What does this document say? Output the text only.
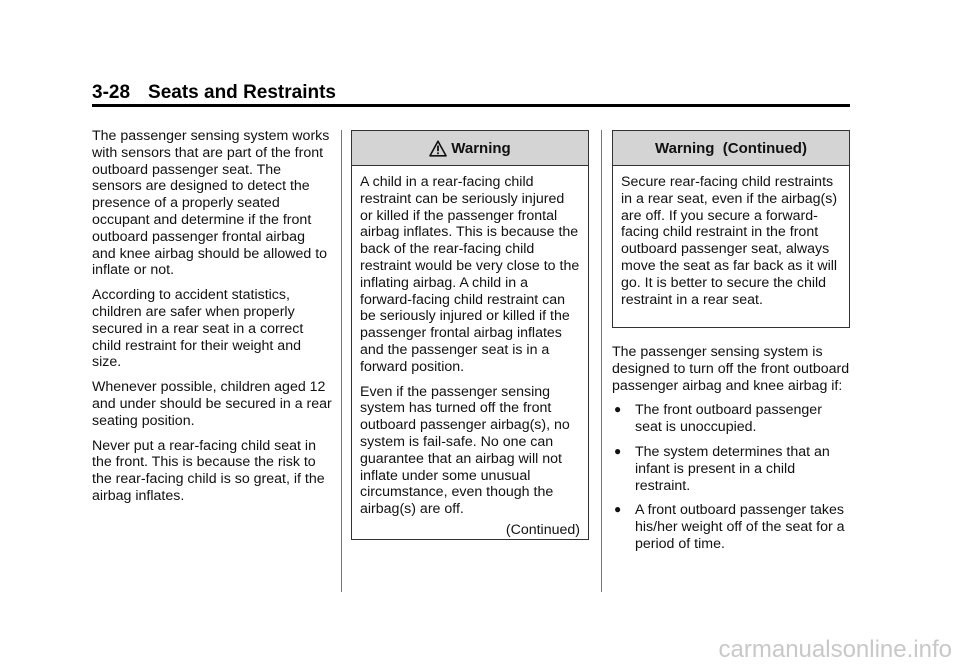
3-28 Seats and Restraints

The passenger sensing system works with sensors that are part of the front outboard passenger seat. The sensors are designed to detect the presence of a properly seated occupant and determine if the front outboard passenger frontal airbag and knee airbag should be allowed to inflate or not.

According to accident statistics, children are safer when properly secured in a rear seat in a correct child restraint for their weight and size.

Whenever possible, children aged 12 and under should be secured in a rear seating position.

Never put a rear-facing child seat in the front. This is because the risk to the rear-facing child is so great, if the airbag inflates.

Warning

A child in a rear-facing child restraint can be seriously injured or killed if the passenger frontal airbag inflates. This is because the back of the rear-facing child restraint would be very close to the inflating airbag. A child in a forward-facing child restraint can be seriously injured or killed if the passenger frontal airbag inflates and the passenger seat is in a forward position.

Even if the passenger sensing system has turned off the front outboard passenger airbag(s), no system is fail-safe. No one can guarantee that an airbag will not inflate under some unusual circumstance, even though the airbag(s) are off.

(Continued)
Warning  (Continued)

Secure rear-facing child restraints in a rear seat, even if the airbag(s) are off. If you secure a forward-facing child restraint in the front outboard passenger seat, always move the seat as far back as it will go. It is better to secure the child restraint in a rear seat.

The passenger sensing system is designed to turn off the front outboard passenger airbag and knee airbag if:

● The front outboard passenger seat is unoccupied.
● The system determines that an infant is present in a child restraint.
● A front outboard passenger takes his/her weight off of the seat for a period of time.
carmanualsonline.info
